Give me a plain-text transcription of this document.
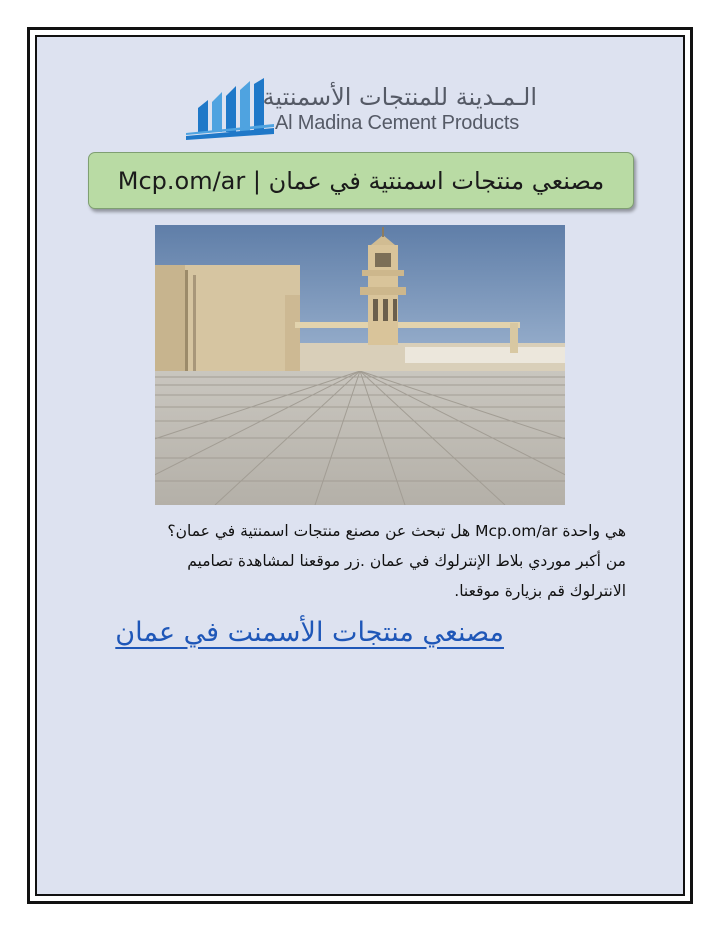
الـمـدينة للمنتجات الأسمنتية
Al Madina Cement Products
مصنعي منتجات اسمنتية في عمان | Mcp.om/ar
هي واحدة Mcp.om/ar هل تبحث عن مصنع منتجات اسمنتية في عمان؟
من أكبر موردي بلاط الإنترلوك في عمان .زر موقعنا لمشاهدة تصاميم
الانترلوك قم بزيارة موقعنا.
مصنعي منتجات الأسمنت في عمان
